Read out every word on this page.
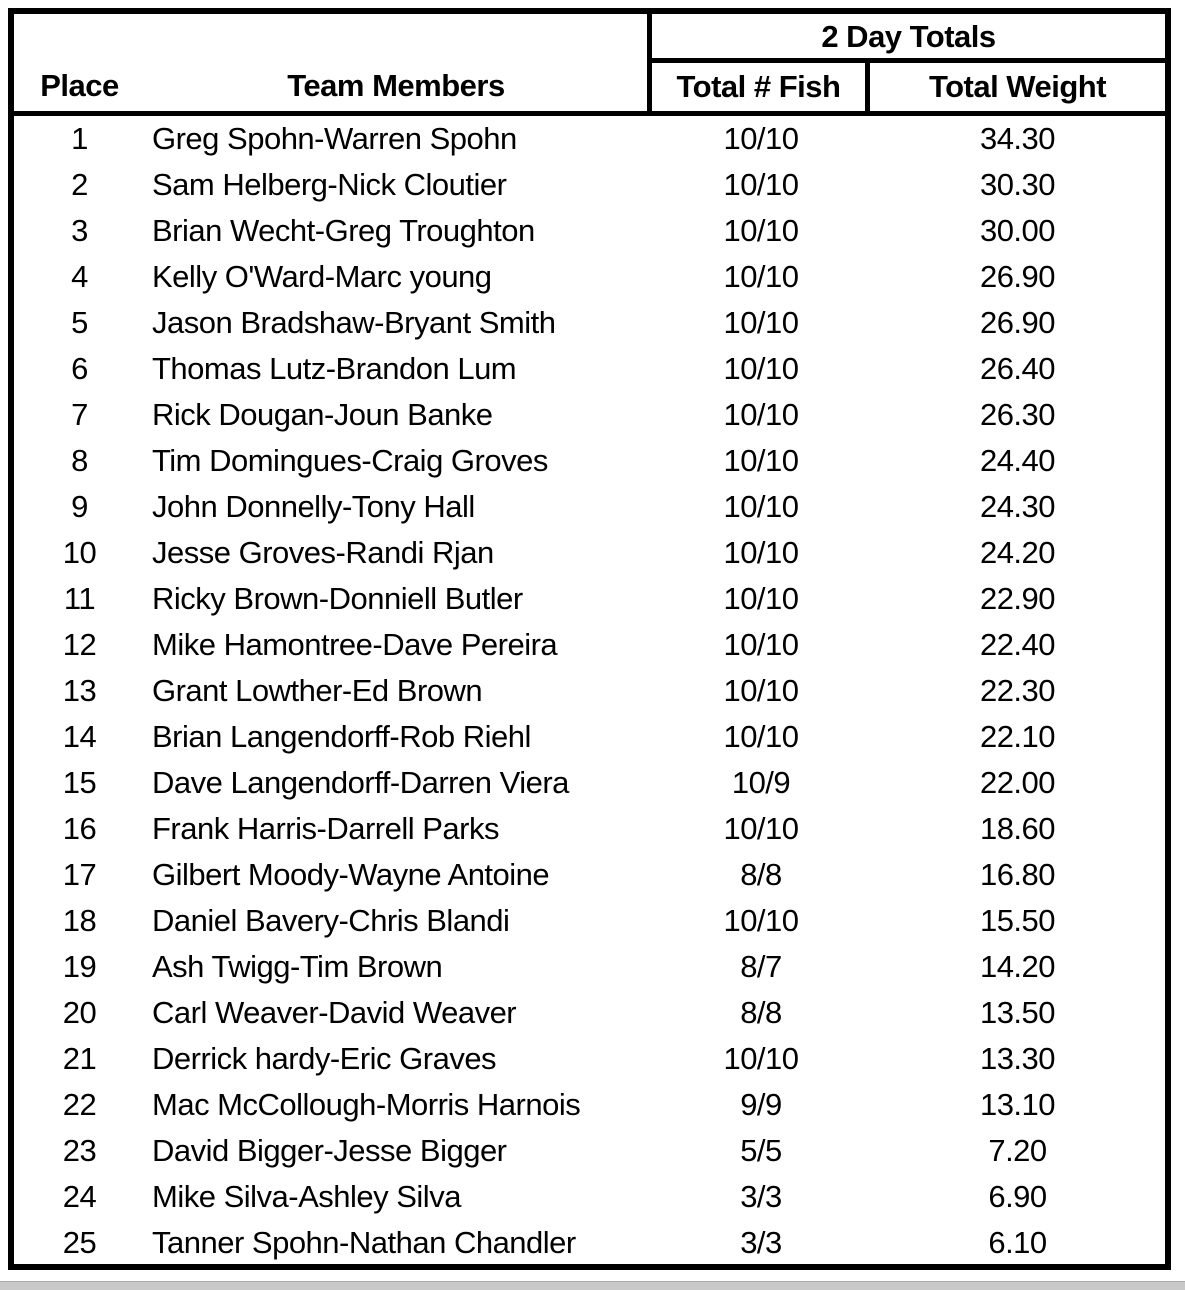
Place	Team Members
2 Day Totals
Total # Fish	Total Weight
1	Greg Spohn-Warren Spohn	10/10	34.30
2	Sam Helberg-Nick Cloutier	10/10	30.30
3	Brian Wecht-Greg Troughton	10/10	30.00
4	Kelly O'Ward-Marc young	10/10	26.90
5	Jason Bradshaw-Bryant Smith	10/10	26.90
6	Thomas Lutz-Brandon Lum	10/10	26.40
7	Rick Dougan-Joun Banke	10/10	26.30
8	Tim Domingues-Craig Groves	10/10	24.40
9	John Donnelly-Tony Hall	10/10	24.30
10	Jesse Groves-Randi Rjan	10/10	24.20
11	Ricky Brown-Donniell Butler	10/10	22.90
12	Mike Hamontree-Dave Pereira	10/10	22.40
13	Grant Lowther-Ed Brown	10/10	22.30
14	Brian Langendorff-Rob Riehl	10/10	22.10
15	Dave Langendorff-Darren Viera	10/9	22.00
16	Frank Harris-Darrell Parks	10/10	18.60
17	Gilbert Moody-Wayne Antoine	8/8	16.80
18	Daniel Bavery-Chris Blandi	10/10	15.50
19	Ash Twigg-Tim Brown	8/7	14.20
20	Carl Weaver-David Weaver	8/8	13.50
21	Derrick hardy-Eric Graves	10/10	13.30
22	Mac McCollough-Morris Harnois	9/9	13.10
23	David Bigger-Jesse Bigger	5/5	7.20
24	Mike Silva-Ashley Silva	3/3	6.90
25	Tanner Spohn-Nathan Chandler	3/3	6.10
